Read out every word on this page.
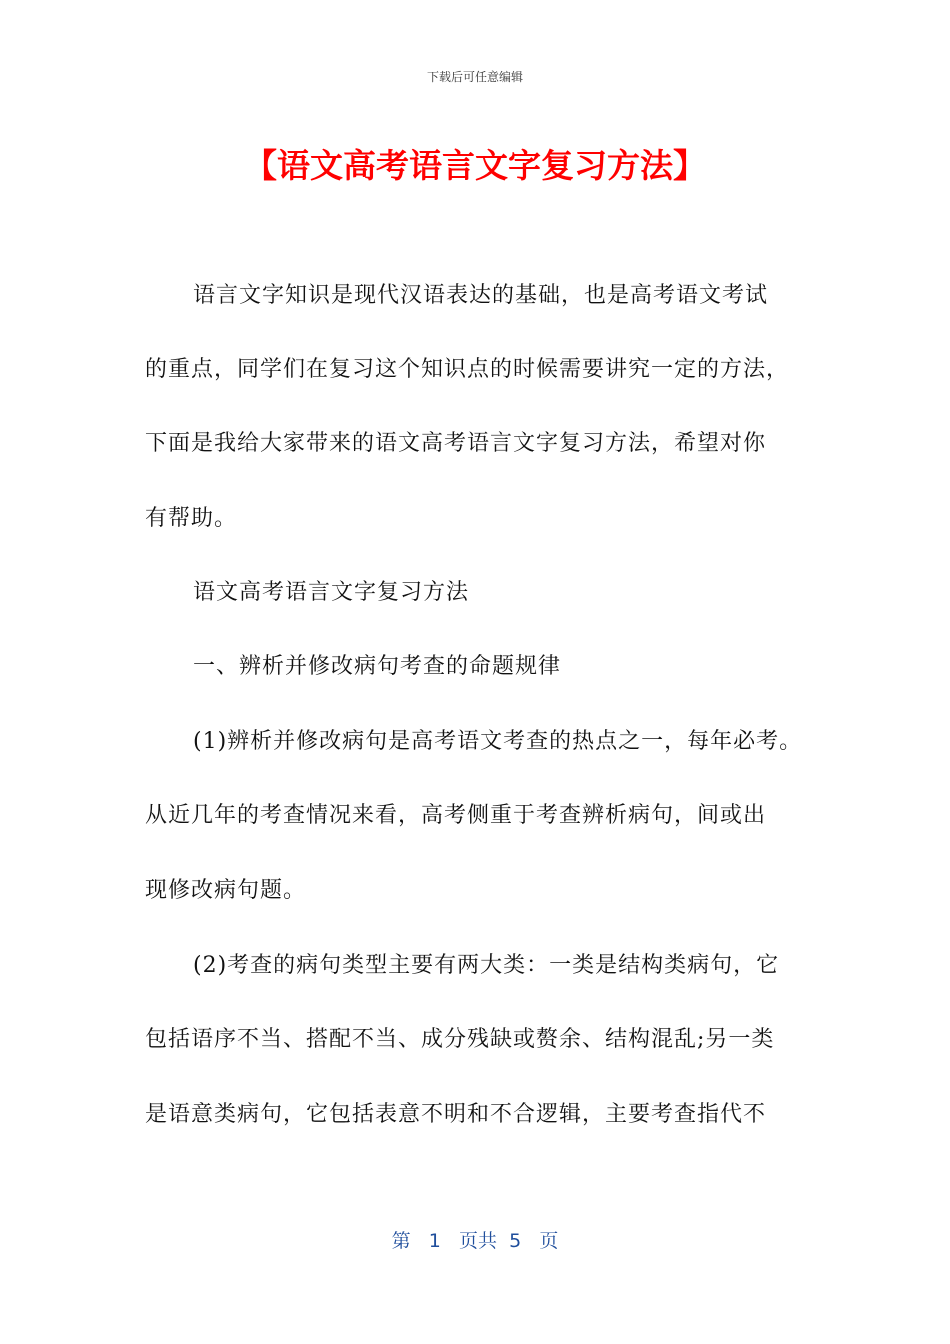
下载后可任意编辑
【语文高考语言文字复习方法】
语言文字知识是现代汉语表达的基础，也是高考语文考试
的重点，同学们在复习这个知识点的时候需要讲究一定的方法，
下面是我给大家带来的语文高考语言文字复习方法，希望对你
有帮助。
语文高考语言文字复习方法
一、辨析并修改病句考查的命题规律
(1)辨析并修改病句是高考语文考查的热点之一，每年必考。
从近几年的考查情况来看，高考侧重于考查辨析病句，间或出
现修改病句题。
(2)考查的病句类型主要有两大类：一类是结构类病句，它
包括语序不当、搭配不当、成分残缺或赘余、结构混乱;另一类
是语意类病句，它包括表意不明和不合逻辑，主要考查指代不
第 1 页共 5 页
